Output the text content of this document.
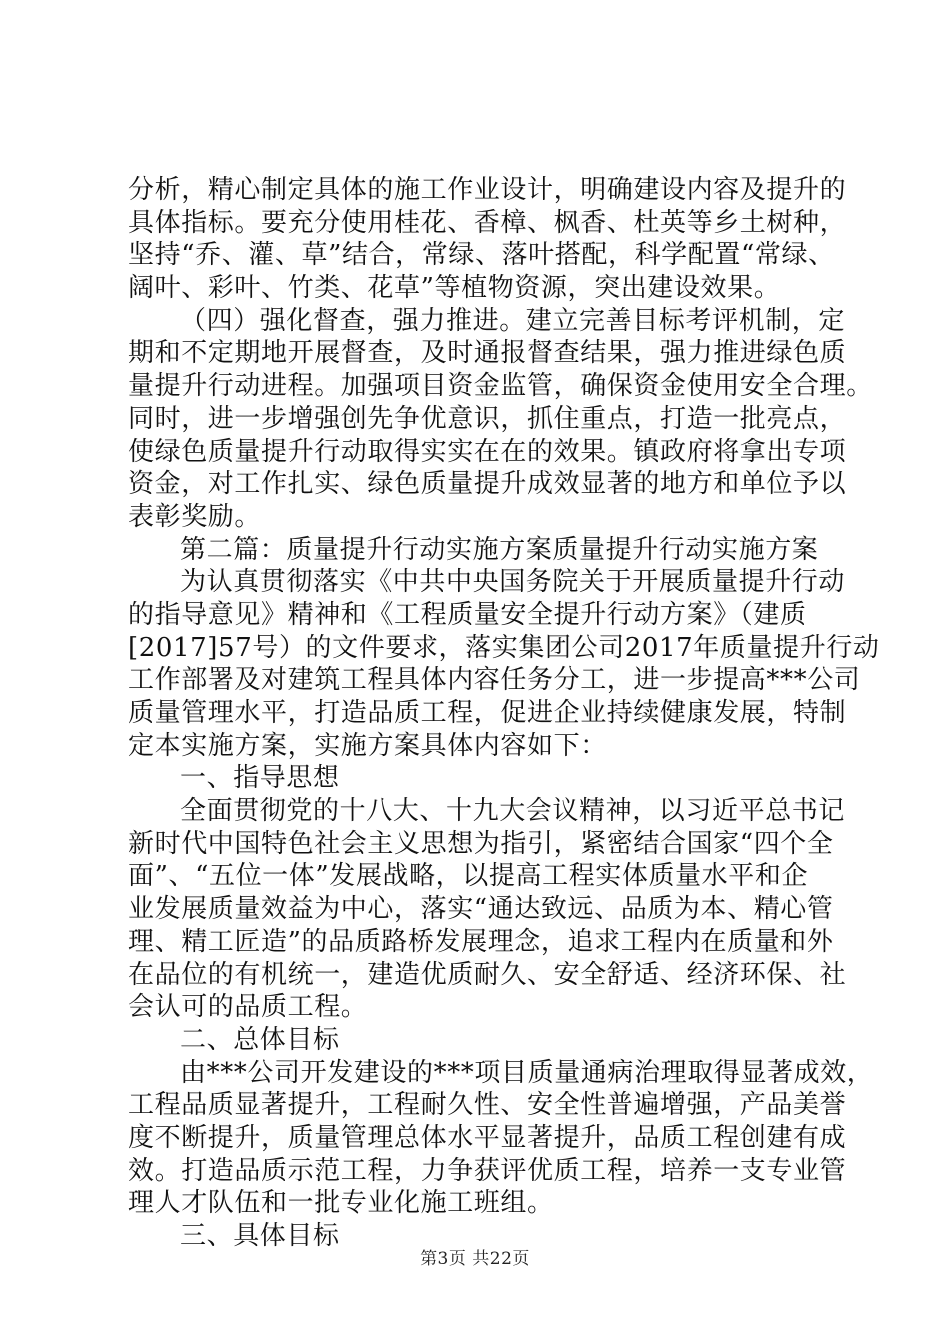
分析，精心制定具体的施工作业设计，明确建设内容及提升的
具体指标。要充分使用桂花、香樟、枫香、杜英等乡土树种，
坚持“乔、灌、草”结合，常绿、落叶搭配，科学配置“常绿、
阔叶、彩叶、竹类、花草”等植物资源，突出建设效果。
（四）强化督查，强力推进。建立完善目标考评机制，定
期和不定期地开展督查，及时通报督查结果，强力推进绿色质
量提升行动进程。加强项目资金监管，确保资金使用安全合理。
同时，进一步增强创先争优意识，抓住重点，打造一批亮点，
使绿色质量提升行动取得实实在在的效果。镇政府将拿出专项
资金，对工作扎实、绿色质量提升成效显著的地方和单位予以
表彰奖励。
第二篇：质量提升行动实施方案质量提升行动实施方案
为认真贯彻落实《中共中央国务院关于开展质量提升行动
的指导意见》精神和《工程质量安全提升行动方案》（建质
[2017]57号）的文件要求，落实集团公司2017年质量提升行动
工作部署及对建筑工程具体内容任务分工，进一步提高***公司
质量管理水平，打造品质工程，促进企业持续健康发展，特制
定本实施方案，实施方案具体内容如下：
一、指导思想
全面贯彻党的十八大、十九大会议精神，以习近平总书记
新时代中国特色社会主义思想为指引，紧密结合国家“四个全
面”、“五位一体”发展战略，以提高工程实体质量水平和企
业发展质量效益为中心，落实“通达致远、品质为本、精心管
理、精工匠造”的品质路桥发展理念，追求工程内在质量和外
在品位的有机统一，建造优质耐久、安全舒适、经济环保、社
会认可的品质工程。
二、总体目标
由***公司开发建设的***项目质量通病治理取得显著成效，
工程品质显著提升，工程耐久性、安全性普遍增强，产品美誉
度不断提升，质量管理总体水平显著提升，品质工程创建有成
效。打造品质示范工程，力争获评优质工程，培养一支专业管
理人才队伍和一批专业化施工班组。
三、具体目标
第3页 共22页
